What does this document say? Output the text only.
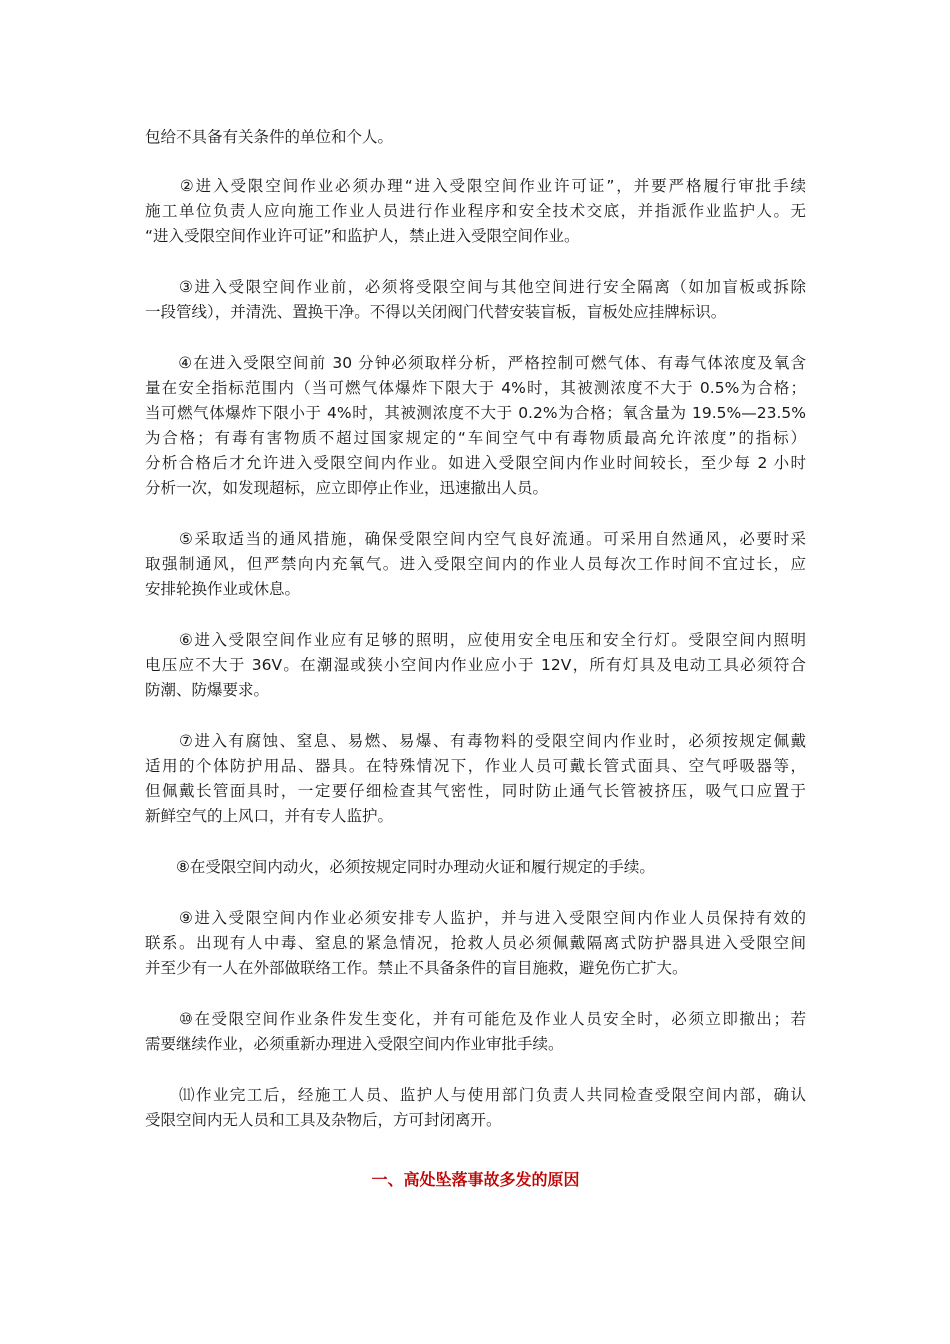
包给不具备有关条件的单位和个人。
　　②进入受限空间作业必须办理“进入受限空间作业许可证”，并要严格履行审批手续
施工单位负责人应向施工作业人员进行作业程序和安全技术交底，并指派作业监护人。无
“进入受限空间作业许可证”和监护人，禁止进入受限空间作业。
　　③进入受限空间作业前，必须将受限空间与其他空间进行安全隔离（如加盲板或拆除
一段管线），并清洗、置换干净。不得以关闭阀门代替安装盲板，盲板处应挂牌标识。
　　④在进入受限空间前 30 分钟必须取样分析，严格控制可燃气体、有毒气体浓度及氧含
量在安全指标范围内（当可燃气体爆炸下限大于 4%时，其被测浓度不大于 0.5%为合格；
当可燃气体爆炸下限小于 4%时，其被测浓度不大于 0.2%为合格；氧含量为 19.5%—23.5%
为合格；有毒有害物质不超过国家规定的“车间空气中有毒物质最高允许浓度”的指标）
分析合格后才允许进入受限空间内作业。如进入受限空间内作业时间较长，至少每 2 小时
分析一次，如发现超标，应立即停止作业，迅速撤出人员。
　　⑤采取适当的通风措施，确保受限空间内空气良好流通。可采用自然通风，必要时采
取强制通风，但严禁向内充氧气。进入受限空间内的作业人员每次工作时间不宜过长，应
安排轮换作业或休息。
　　⑥进入受限空间作业应有足够的照明，应使用安全电压和安全行灯。受限空间内照明
电压应不大于 36V。在潮湿或狭小空间内作业应小于 12V，所有灯具及电动工具必须符合
防潮、防爆要求。
　　⑦进入有腐蚀、窒息、易燃、易爆、有毒物料的受限空间内作业时，必须按规定佩戴
适用的个体防护用品、器具。在特殊情况下，作业人员可戴长管式面具、空气呼吸器等，
但佩戴长管面具时，一定要仔细检查其气密性，同时防止通气长管被挤压，吸气口应置于
新鲜空气的上风口，并有专人监护。
　　⑧在受限空间内动火，必须按规定同时办理动火证和履行规定的手续。
　　⑨进入受限空间内作业必须安排专人监护，并与进入受限空间内作业人员保持有效的
联系。出现有人中毒、窒息的紧急情况，抢救人员必须佩戴隔离式防护器具进入受限空间
并至少有一人在外部做联络工作。禁止不具备条件的盲目施救，避免伤亡扩大。
　　⑩在受限空间作业条件发生变化，并有可能危及作业人员安全时，必须立即撤出；若
需要继续作业，必须重新办理进入受限空间内作业审批手续。
　　⑾作业完工后，经施工人员、监护人与使用部门负责人共同检查受限空间内部，确认
受限空间内无人员和工具及杂物后，方可封闭离开。
一、高处坠落事故多发的原因
